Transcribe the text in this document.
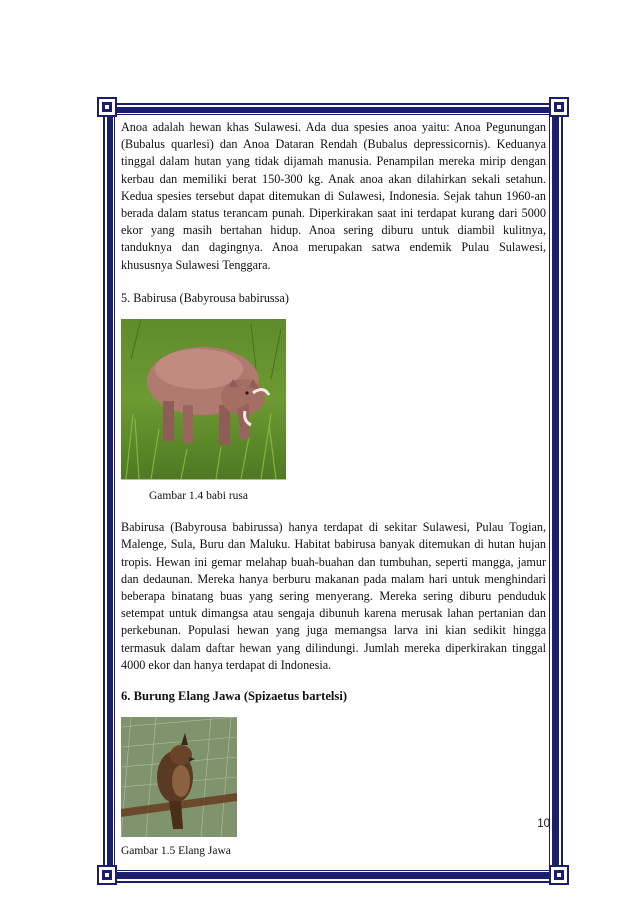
Anoa adalah hewan khas Sulawesi. Ada dua spesies anoa yaitu: Anoa Pegunungan (Bubalus quarlesi) dan Anoa Dataran Rendah (Bubalus depressicornis). Keduanya tinggal dalam hutan yang tidak dijamah manusia. Penampilan mereka mirip dengan kerbau dan memiliki berat 150-300 kg. Anak anoa akan dilahirkan sekali setahun. Kedua spesies tersebut dapat ditemukan di Sulawesi, Indonesia. Sejak tahun 1960-an berada dalam status terancam punah. Diperkirakan saat ini terdapat kurang dari 5000 ekor yang masih bertahan hidup. Anoa sering diburu untuk diambil kulitnya, tanduknya dan dagingnya. Anoa merupakan satwa endemik Pulau Sulawesi, khususnya Sulawesi Tenggara.

5. Babirusa (Babyrousa babirussa)

Gambar 1.4 babi rusa

Babirusa (Babyrousa babirussa) hanya terdapat di sekitar Sulawesi, Pulau Togian, Malenge, Sula, Buru dan Maluku. Habitat babirusa banyak ditemukan di hutan hujan tropis. Hewan ini gemar melahap buah-buahan dan tumbuhan, seperti mangga, jamur dan dedaunan. Mereka hanya berburu makanan pada malam hari untuk menghindari beberapa binatang buas yang sering menyerang. Mereka sering diburu penduduk setempat untuk dimangsa atau sengaja dibunuh karena merusak lahan pertanian dan perkebunan. Populasi hewan yang juga memangsa larva ini kian sedikit hingga termasuk dalam daftar hewan yang dilindungi. Jumlah mereka diperkirakan tinggal 4000 ekor dan hanya terdapat di Indonesia.

6. Burung Elang Jawa (Spizaetus bartelsi)

Gambar 1.5 Elang Jawa

10
